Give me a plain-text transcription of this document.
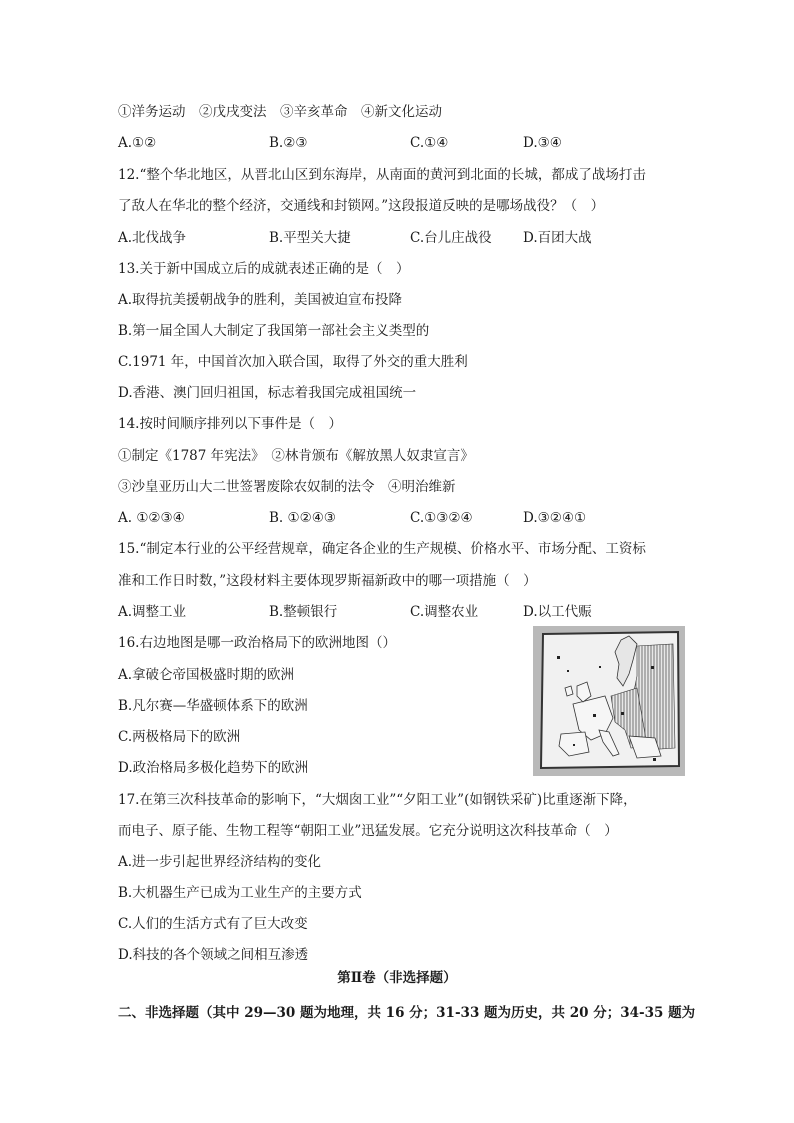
①洋务运动　②戊戌变法　③辛亥革命　④新文化运动
A.①②	B.②③	C.①④	D.③④
12.“整个华北地区，从晋北山区到东海岸，从南面的黄河到北面的长城，都成了战场打击
了敌人在华北的整个经济，交通线和封锁网。”这段报道反映的是哪场战役？（　）
A.北伐战争	B.平型关大捷	C.台儿庄战役 D.百团大战
13.关于新中国成立后的成就表述正确的是（　）
A.取得抗美援朝战争的胜利，美国被迫宣布投降
B.第一届全国人大制定了我国第一部社会主义类型的
C.1971 年，中国首次加入联合国，取得了外交的重大胜利
D.香港、澳门回归祖国，标志着我国完成祖国统一
14.按时间顺序排列以下事件是（　）
①制定《1787 年宪法》　②林肯颁布《解放黑人奴隶宣言》
③沙皇亚历山大二世签署废除农奴制的法令　④明治维新
A. ①②③④	B. ①②④③	C.①③②④	D.③②④①
15.“制定本行业的公平经营规章，确定各企业的生产规模、价格水平、市场分配、工资标
准和工作日时数，”这段材料主要体现罗斯福新政中的哪一项措施（　）
A.调整工业	B.整顿银行	C.调整农业	D.以工代赈
16.右边地图是哪一政治格局下的欧洲地图（）
A.拿破仑帝国极盛时期的欧洲
B.凡尔赛—华盛顿体系下的欧洲
C.两极格局下的欧洲
D.政治格局多极化趋势下的欧洲
17.在第三次科技革命的影响下，“大烟囱工业”“夕阳工业”(如钢铁采矿)比重逐渐下降，
而电子、原子能、生物工程等“朝阳工业”迅猛发展。它充分说明这次科技革命（　）
A.进一步引起世界经济结构的变化
B.大机器生产已成为工业生产的主要方式
C.人们的生活方式有了巨大改变
D.科技的各个领域之间相互渗透
第Ⅱ卷（非选择题）
二、非选择题（其中 29—30 题为地理，共 16 分；31-33 题为历史，共 20 分；34-35 题为
